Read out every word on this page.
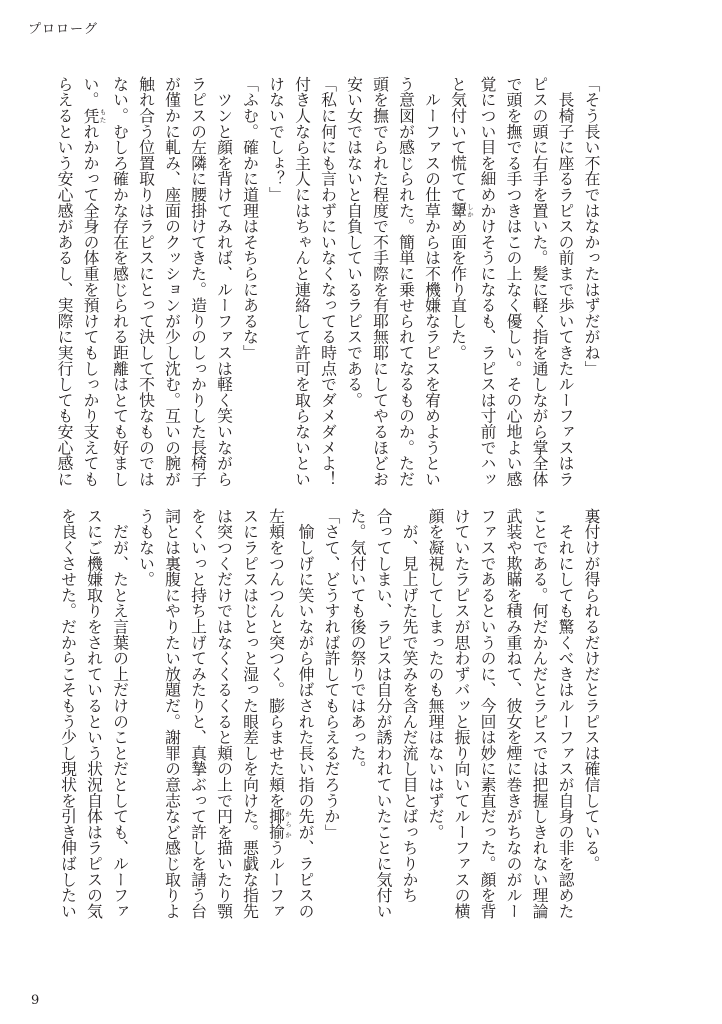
プロローグ
「そう長い不在ではなかったはずだがね」
　長椅子に座るラピスの前まで歩いてきたルーファスはラ
ピスの頭に右手を置いた。髪に軽く指を通しながら掌全体
で頭を撫でる手つきはこの上なく優しい。その心地よい感
覚につい目を細めかけそうになるも、ラピスは寸前でハッ
と気付いて慌てて顰しかめ面を作り直した。
　ルーファスの仕草からは不機嫌なラピスを宥めようとい
う意図が感じられた。簡単に乗せられてなるものか。ただ
頭を撫でられた程度で不手際を有耶無耶にしてやるほどお
安い女ではないと自負しているラピスである。
「私に何にも言わずにいなくなってる時点でダメダメよ！
付き人なら主人にはちゃんと連絡して許可を取らないとい
けないでしょ？」
「ふむ。確かに道理はそちらにあるな」
　ツンと顔を背けてみれば、ルーファスは軽く笑いながら
ラピスの左隣に腰掛けてきた。造りのしっかりした長椅子
が僅かに軋み、座面のクッションが少し沈む。互いの腕が
触れ合う位置取りはラピスにとって決して不快なものでは
ない。むしろ確かな存在を感じられる距離はとても好まし
い。凭もたれかかって全身の体重を預けてもしっかり支えても
らえるという安心感があるし、実際に実行しても安心感に
裏付けが得られるだけだとラピスは確信している。
　それにしても驚くべきはルーファスが自身の非を認めた
ことである。何だかんだとラピスでは把握しきれない理論
武装や欺瞞を積み重ねて、彼女を煙に巻きがちなのがルー
ファスであるというのに、今回は妙に素直だった。顔を背
けていたラピスが思わずバッと振り向いてルーファスの横
顔を凝視してしまったのも無理はないはずだ。
　が、見上げた先で笑みを含んだ流し目とばっちりかち
合ってしまい、ラピスは自分が誘われていたことに気付い
た。気付いても後の祭りではあった。
「さて、どうすれば許してもらえるだろうか」
　愉しげに笑いながら伸ばされた長い指の先が、ラピスの
左頬をつんつんと突つく。膨らませた頬を揶揄からかうルーファ
スにラピスはじとっと湿った眼差しを向けた。悪戯な指先
は突つくだけではなくくるくると頬の上で円を描いたり顎
をくいっと持ち上げてみたりと、真摯ぶって許しを請う台
詞とは裏腹にやりたい放題だ。謝罪の意志など感じ取りよ
うもない。
　だが、たとえ言葉の上だけのことだとしても、ルーファ
スにご機嫌取りをされているという状況自体はラピスの気
を良くさせた。だからこそもう少し現状を引き伸ばしたい
9
